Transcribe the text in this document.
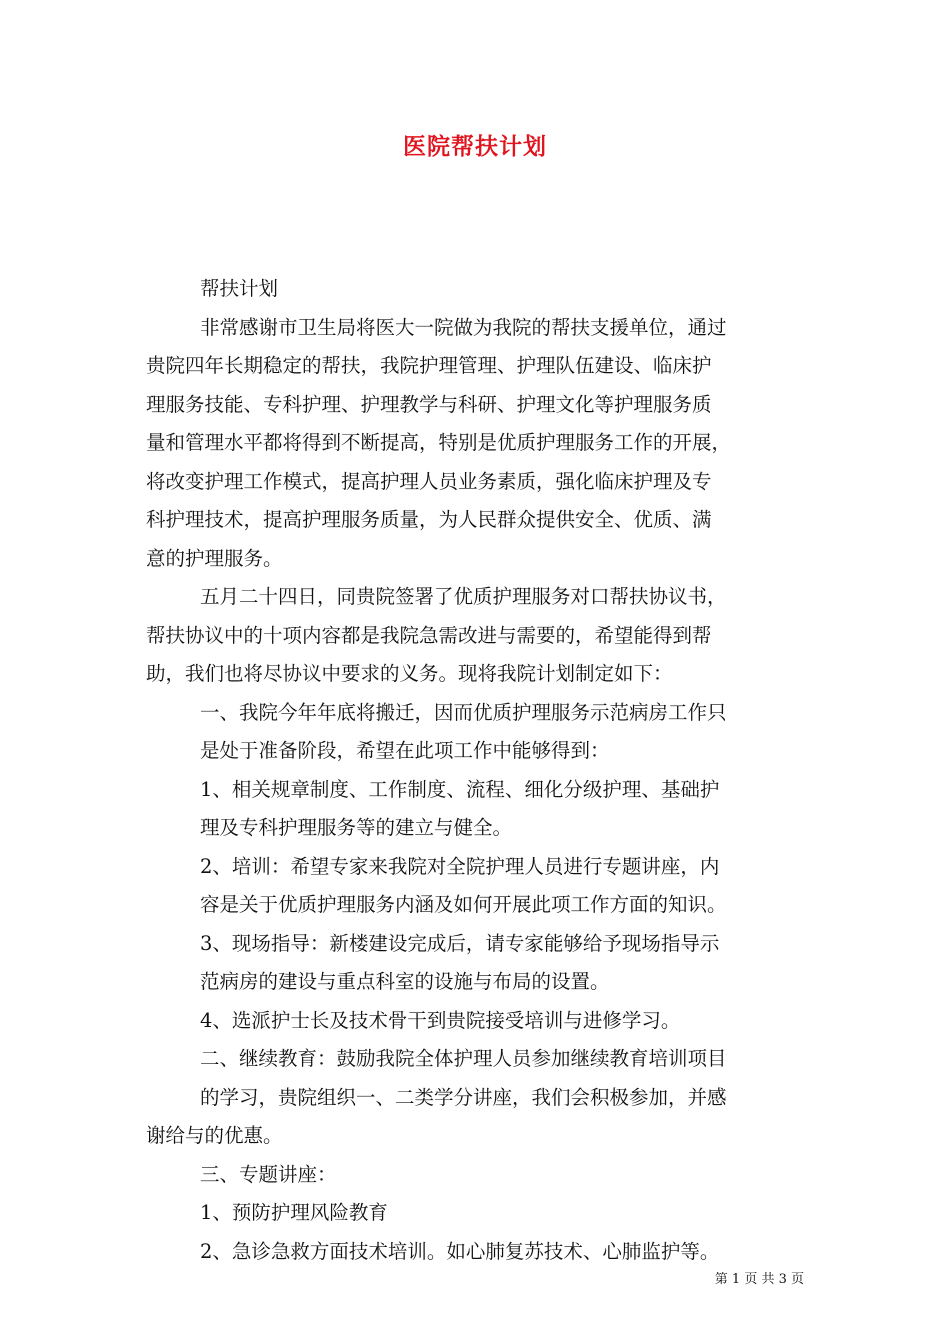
医院帮扶计划
帮扶计划
非常感谢市卫生局将医大一院做为我院的帮扶支援单位，通过
贵院四年长期稳定的帮扶，我院护理管理、护理队伍建设、临床护
理服务技能、专科护理、护理教学与科研、护理文化等护理服务质
量和管理水平都将得到不断提高，特别是优质护理服务工作的开展，
将改变护理工作模式，提高护理人员业务素质，强化临床护理及专
科护理技术，提高护理服务质量，为人民群众提供安全、优质、满
意的护理服务。
五月二十四日，同贵院签署了优质护理服务对口帮扶协议书，
帮扶协议中的十项内容都是我院急需改进与需要的，希望能得到帮
助，我们也将尽协议中要求的义务。现将我院计划制定如下：
一、我院今年年底将搬迁，因而优质护理服务示范病房工作只
是处于准备阶段，希望在此项工作中能够得到：
1、相关规章制度、工作制度、流程、细化分级护理、基础护
理及专科护理服务等的建立与健全。
2、培训：希望专家来我院对全院护理人员进行专题讲座，内
容是关于优质护理服务内涵及如何开展此项工作方面的知识。
3、现场指导：新楼建设完成后，请专家能够给予现场指导示
范病房的建设与重点科室的设施与布局的设置。
4、选派护士长及技术骨干到贵院接受培训与进修学习。
二、继续教育：鼓励我院全体护理人员参加继续教育培训项目
的学习，贵院组织一、二类学分讲座，我们会积极参加，并感
谢给与的优惠。
三、专题讲座：
1、预防护理风险教育
2、急诊急救方面技术培训。如心肺复苏技术、心肺监护等。
第 1 页 共 3 页
